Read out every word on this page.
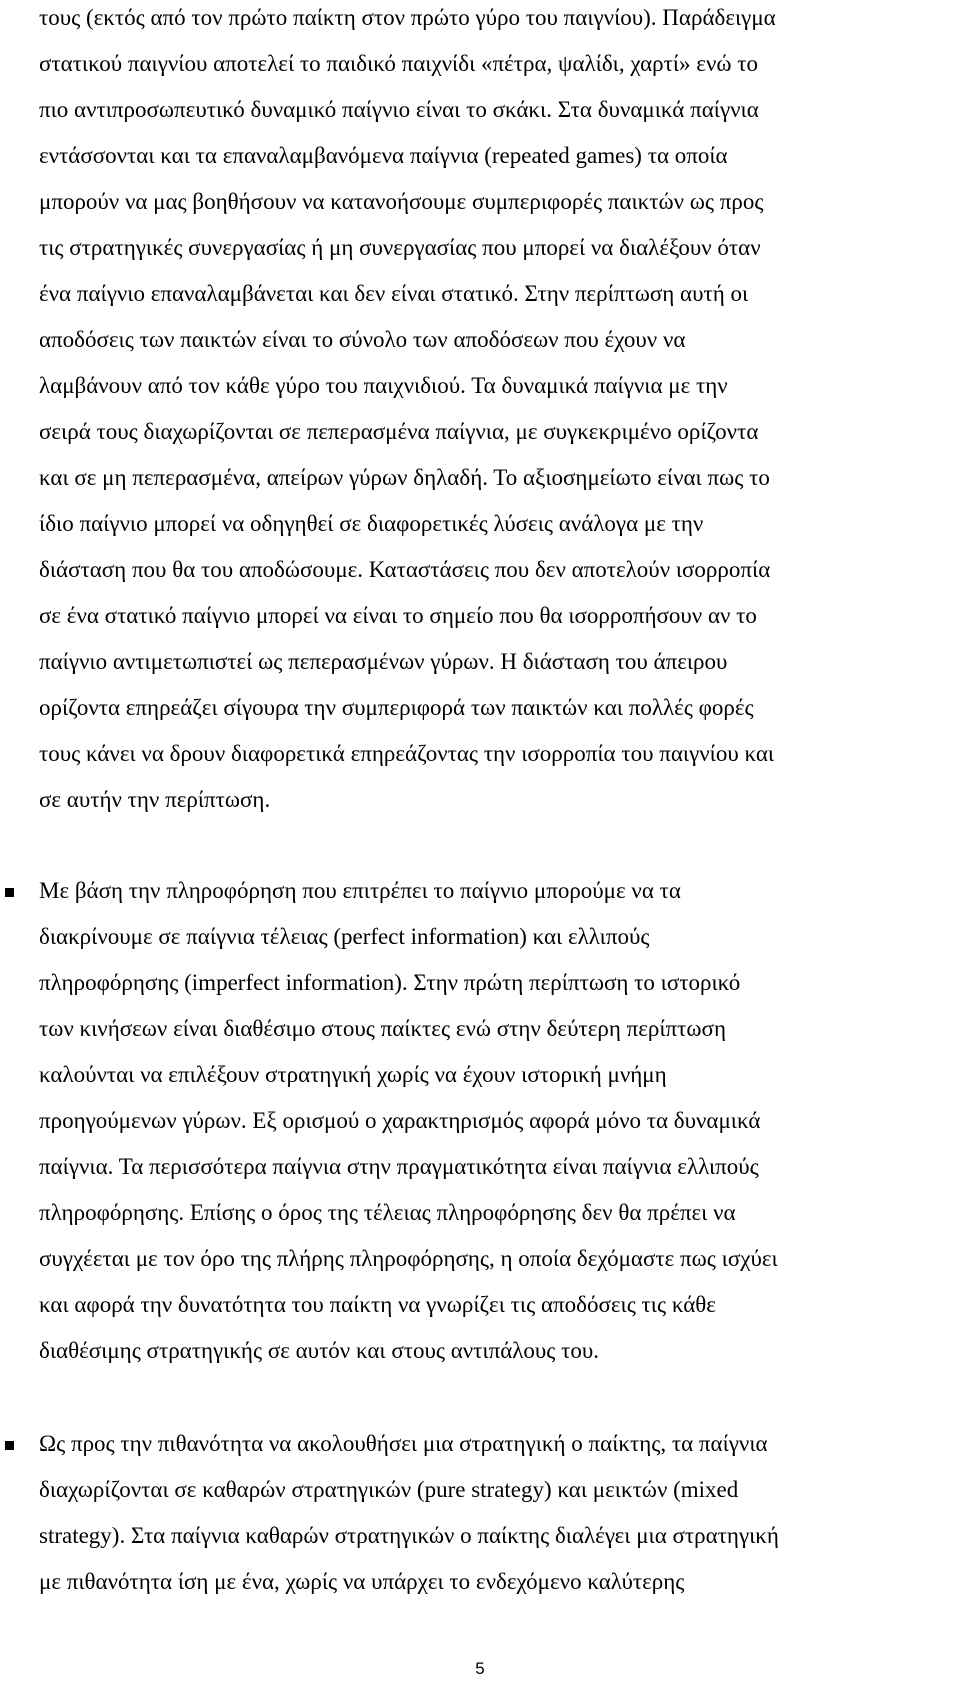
τους (εκτός από τον πρώτο παίκτη στον πρώτο γύρο του παιγνίου). Παράδειγμα
στατικού παιγνίου αποτελεί το παιδικό παιχνίδι «πέτρα, ψαλίδι, χαρτί» ενώ το
πιο αντιπροσωπευτικό δυναμικό παίγνιο είναι το σκάκι. Στα δυναμικά παίγνια
εντάσσονται και τα επαναλαμβανόμενα παίγνια (repeated games) τα οποία
μπορούν να μας βοηθήσουν να κατανοήσουμε συμπεριφορές παικτών ως προς
τις στρατηγικές συνεργασίας ή μη συνεργασίας που μπορεί να διαλέξουν όταν
ένα παίγνιο επαναλαμβάνεται και δεν είναι στατικό. Στην περίπτωση αυτή οι
αποδόσεις των παικτών είναι το σύνολο των αποδόσεων που έχουν να
λαμβάνουν από τον κάθε γύρο του παιχνιδιού. Τα δυναμικά παίγνια με την
σειρά τους διαχωρίζονται σε πεπερασμένα παίγνια, με συγκεκριμένο ορίζοντα
και σε μη πεπερασμένα, απείρων γύρων δηλαδή. Το αξιοσημείωτο είναι πως το
ίδιο παίγνιο μπορεί να οδηγηθεί σε διαφορετικές λύσεις ανάλογα με την
διάσταση που θα του αποδώσουμε. Καταστάσεις που δεν αποτελούν ισορροπία
σε ένα στατικό παίγνιο μπορεί να είναι το σημείο που θα ισορροπήσουν αν το
παίγνιο αντιμετωπιστεί ως πεπερασμένων γύρων. Η διάσταση του άπειρου
ορίζοντα επηρεάζει σίγουρα την συμπεριφορά των παικτών και πολλές φορές
τους κάνει να δρουν διαφορετικά επηρεάζοντας την ισορροπία του παιγνίου και
σε αυτήν την περίπτωση.
Με βάση την πληροφόρηση που επιτρέπει το παίγνιο μπορούμε να τα
διακρίνουμε σε παίγνια τέλειας (perfect information) και ελλιπούς
πληροφόρησης (imperfect information). Στην πρώτη περίπτωση το ιστορικό
των κινήσεων είναι διαθέσιμο στους παίκτες ενώ στην δεύτερη περίπτωση
καλούνται να επιλέξουν στρατηγική χωρίς να έχουν ιστορική μνήμη
προηγούμενων γύρων. Εξ ορισμού ο χαρακτηρισμός αφορά μόνο τα δυναμικά
παίγνια. Τα περισσότερα παίγνια στην πραγματικότητα είναι παίγνια ελλιπούς
πληροφόρησης. Επίσης ο όρος της τέλειας πληροφόρησης δεν θα πρέπει να
συγχέεται με τον όρο της πλήρης πληροφόρησης, η οποία δεχόμαστε πως ισχύει
και αφορά την δυνατότητα του παίκτη να γνωρίζει τις αποδόσεις τις κάθε
διαθέσιμης στρατηγικής σε αυτόν και στους αντιπάλους του.
Ως προς την πιθανότητα να ακολουθήσει μια στρατηγική ο παίκτης, τα παίγνια
διαχωρίζονται σε καθαρών στρατηγικών (pure strategy) και μεικτών (mixed
strategy). Στα παίγνια καθαρών στρατηγικών ο παίκτης διαλέγει μια στρατηγική
με πιθανότητα ίση με ένα, χωρίς να υπάρχει το ενδεχόμενο καλύτερης
5
